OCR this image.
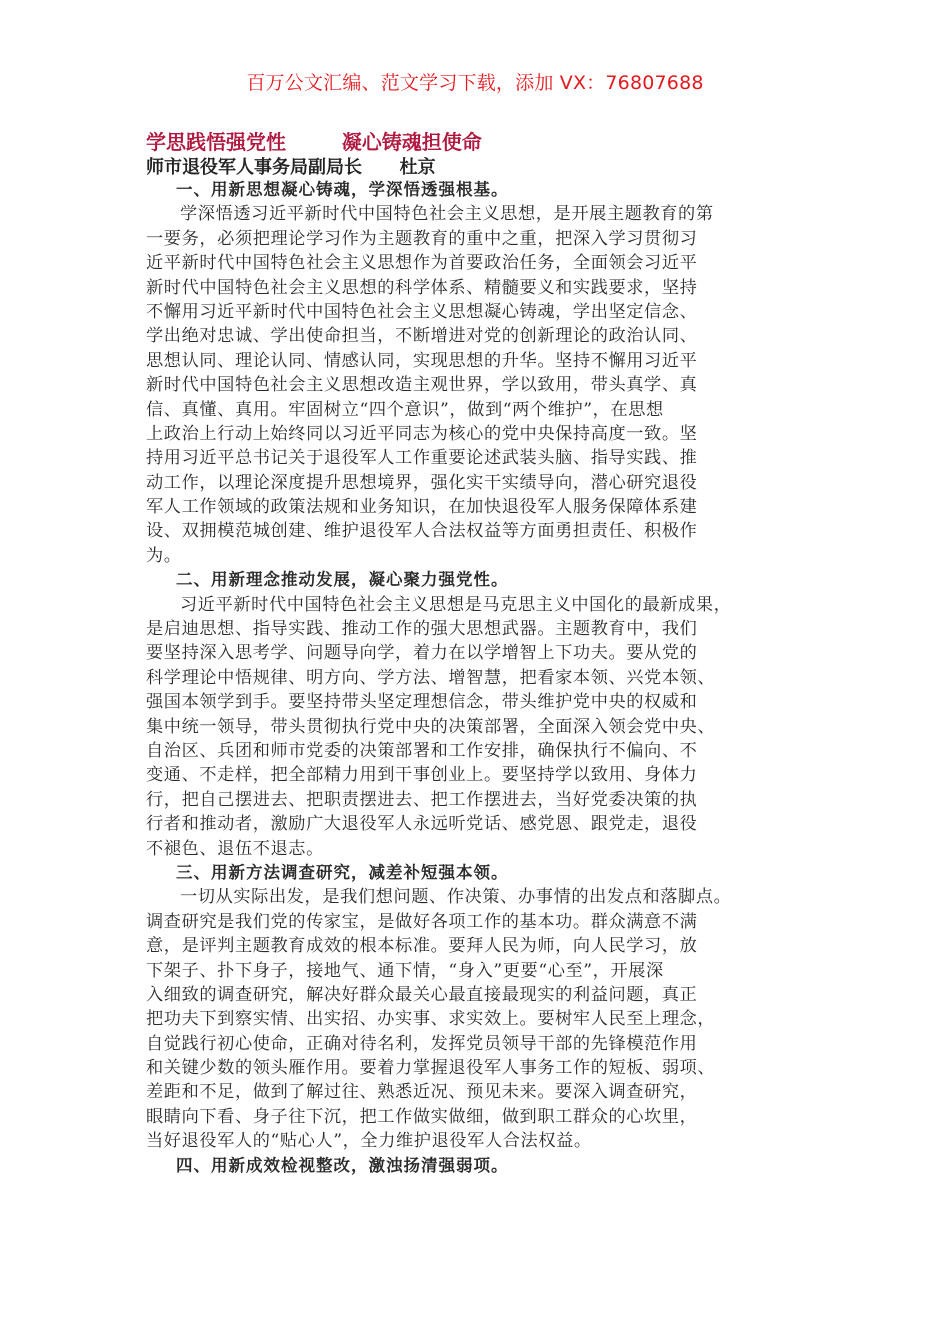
百万公文汇编、范文学习下载，添加 VX：76807688
学思践悟强党性        凝心铸魂担使命
师市退役军人事务局副局长      杜京
一、用新思想凝心铸魂，学深悟透强根基。
学深悟透习近平新时代中国特色社会主义思想，是开展主题教育的第
一要务，必须把理论学习作为主题教育的重中之重，把深入学习贯彻习
近平新时代中国特色社会主义思想作为首要政治任务，全面领会习近平
新时代中国特色社会主义思想的科学体系、精髓要义和实践要求，坚持
不懈用习近平新时代中国特色社会主义思想凝心铸魂，学出坚定信念、
学出绝对忠诚、学出使命担当，不断增进对党的创新理论的政治认同、
思想认同、理论认同、情感认同，实现思想的升华。坚持不懈用习近平
新时代中国特色社会主义思想改造主观世界，学以致用，带头真学、真
信、真懂、真用。牢固树立“四个意识”，做到“两个维护”，在思想
上政治上行动上始终同以习近平同志为核心的党中央保持高度一致。坚
持用习近平总书记关于退役军人工作重要论述武装头脑、指导实践、推
动工作，以理论深度提升思想境界，强化实干实绩导向，潜心研究退役
军人工作领域的政策法规和业务知识，在加快退役军人服务保障体系建
设、双拥模范城创建、维护退役军人合法权益等方面勇担责任、积极作
为。
二、用新理念推动发展，凝心聚力强党性。
习近平新时代中国特色社会主义思想是马克思主义中国化的最新成果，
是启迪思想、指导实践、推动工作的强大思想武器。主题教育中，我们
要坚持深入思考学、问题导向学，着力在以学增智上下功夫。要从党的
科学理论中悟规律、明方向、学方法、增智慧，把看家本领、兴党本领、
强国本领学到手。要坚持带头坚定理想信念，带头维护党中央的权威和
集中统一领导，带头贯彻执行党中央的决策部署，全面深入领会党中央、
自治区、兵团和师市党委的决策部署和工作安排，确保执行不偏向、不
变通、不走样，把全部精力用到干事创业上。要坚持学以致用、身体力
行，把自己摆进去、把职责摆进去、把工作摆进去，当好党委决策的执
行者和推动者，激励广大退役军人永远听党话、感党恩、跟党走，退役
不褪色、退伍不退志。
三、用新方法调查研究，减差补短强本领。
一切从实际出发，是我们想问题、作决策、办事情的出发点和落脚点。
调查研究是我们党的传家宝，是做好各项工作的基本功。群众满意不满
意，是评判主题教育成效的根本标准。要拜人民为师，向人民学习，放
下架子、扑下身子，接地气、通下情，“身入”更要“心至”，开展深
入细致的调查研究，解决好群众最关心最直接最现实的利益问题，真正
把功夫下到察实情、出实招、办实事、求实效上。要树牢人民至上理念，
自觉践行初心使命，正确对待名利，发挥党员领导干部的先锋模范作用
和关键少数的领头雁作用。要着力掌握退役军人事务工作的短板、弱项、
差距和不足，做到了解过往、熟悉近况、预见未来。要深入调查研究，
眼睛向下看、身子往下沉，把工作做实做细，做到职工群众的心坎里，
当好退役军人的“贴心人”，全力维护退役军人合法权益。
四、用新成效检视整改，激浊扬清强弱项。
